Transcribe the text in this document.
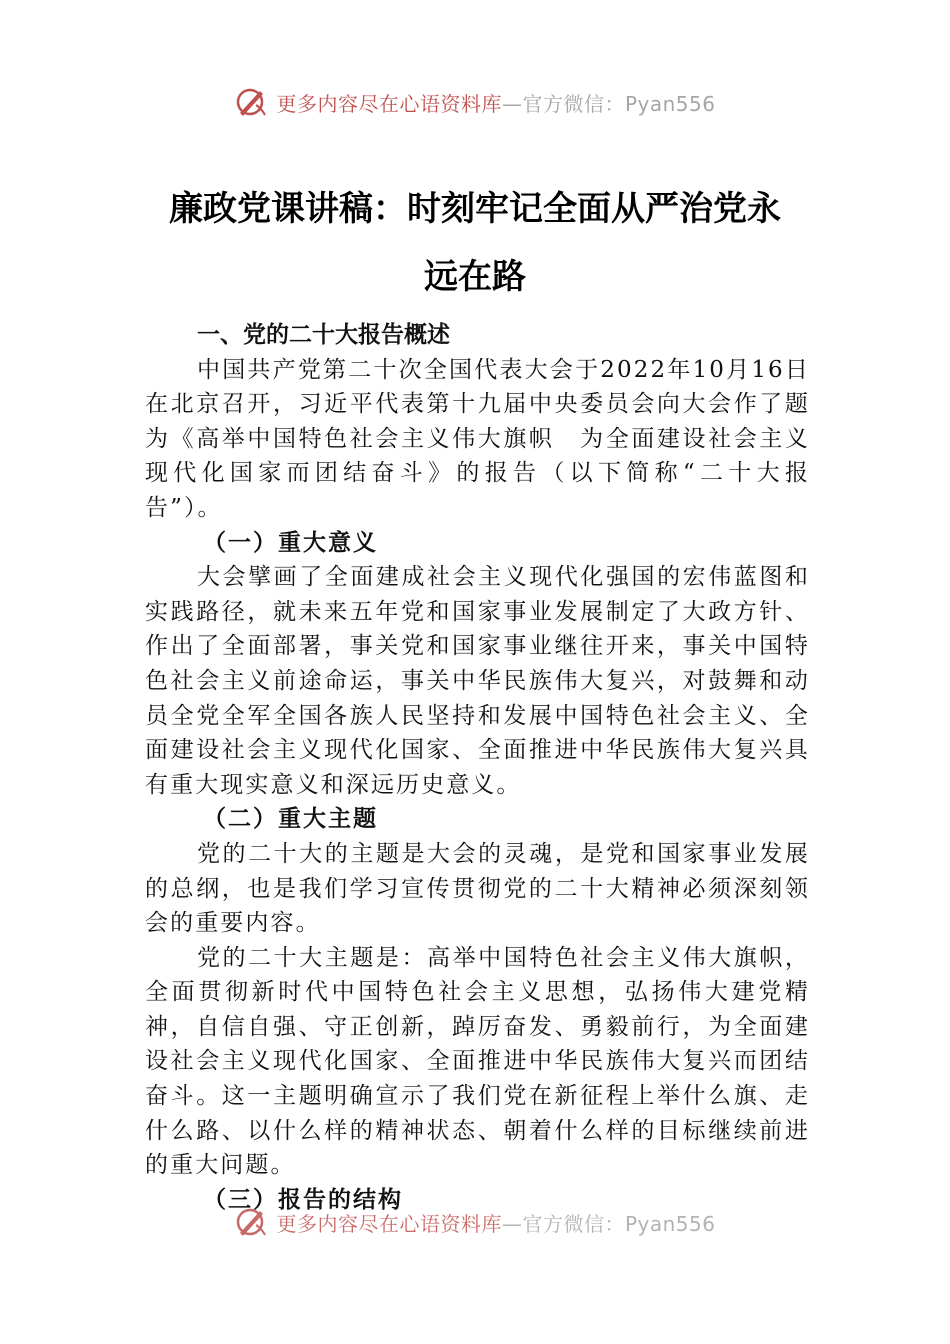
更多内容尽在心语资料库—官方微信：Pyan556
廉政党课讲稿：时刻牢记全面从严治党永
远在路

一、党的二十大报告概述

中国共产党第二十次全国代表大会于2022年10月16日在北京召开，习近平代表第十九届中央委员会向大会作了题为《高举中国特色社会主义伟大旗帜　为全面建设社会主义现代化国家而团结奋斗》的报告（以下简称“二十大报告”）。

（一）重大意义

大会擘画了全面建成社会主义现代化强国的宏伟蓝图和实践路径，就未来五年党和国家事业发展制定了大政方针、作出了全面部署，事关党和国家事业继往开来，事关中国特色社会主义前途命运，事关中华民族伟大复兴，对鼓舞和动员全党全军全国各族人民坚持和发展中国特色社会主义、全面建设社会主义现代化国家、全面推进中华民族伟大复兴具有重大现实意义和深远历史意义。

（二）重大主题

党的二十大的主题是大会的灵魂，是党和国家事业发展的总纲，也是我们学习宣传贯彻党的二十大精神必须深刻领会的重要内容。

党的二十大主题是：高举中国特色社会主义伟大旗帜，全面贯彻新时代中国特色社会主义思想，弘扬伟大建党精神，自信自强、守正创新，踔厉奋发、勇毅前行，为全面建设社会主义现代化国家、全面推进中华民族伟大复兴而团结奋斗。这一主题明确宣示了我们党在新征程上举什么旗、走什么路、以什么样的精神状态、朝着什么样的目标继续前进的重大问题。

（三）报告的结构

更多内容尽在心语资料库—官方微信：Pyan556
